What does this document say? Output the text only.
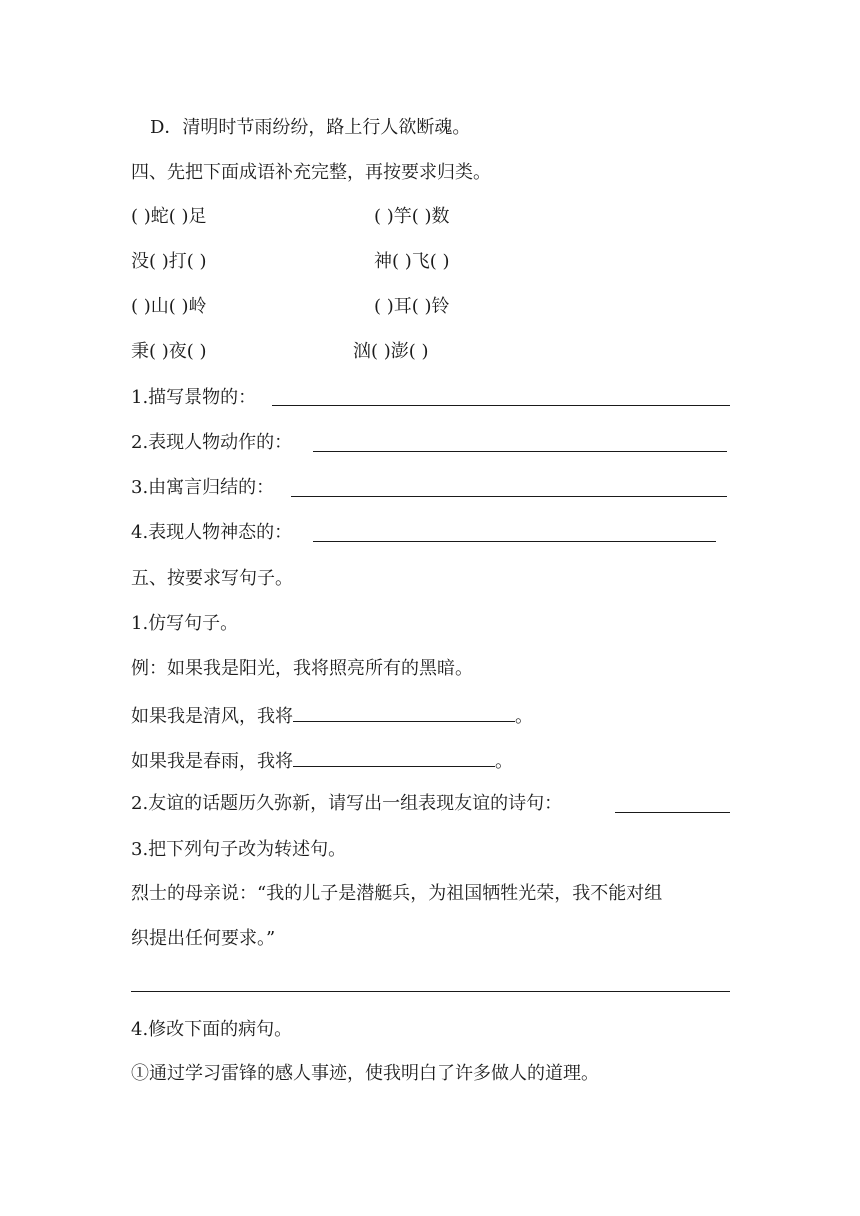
D．清明时节雨纷纷，路上行人欲断魂。
四、先把下面成语补充完整，再按要求归类。
( )蛇( )足	( )竽( )数
没( )打( )	神( )飞( )
( )山( )岭	( )耳( )铃
秉( )夜( )	汹( )澎( )
1.描写景物的：
2.表现人物动作的：
3.由寓言归结的：
4.表现人物神态的：
五、按要求写句子。
1.仿写句子。
例：如果我是阳光，我将照亮所有的黑暗。
如果我是清风，我将	。
如果我是春雨，我将	。
2.友谊的话题历久弥新，请写出一组表现友谊的诗句：
3.把下列句子改为转述句。
烈士的母亲说：“我的儿子是潜艇兵，为祖国牺牲光荣，我不能对组
织提出任何要求。”
4.修改下面的病句。
①通过学习雷锋的感人事迹，使我明白了许多做人的道理。
